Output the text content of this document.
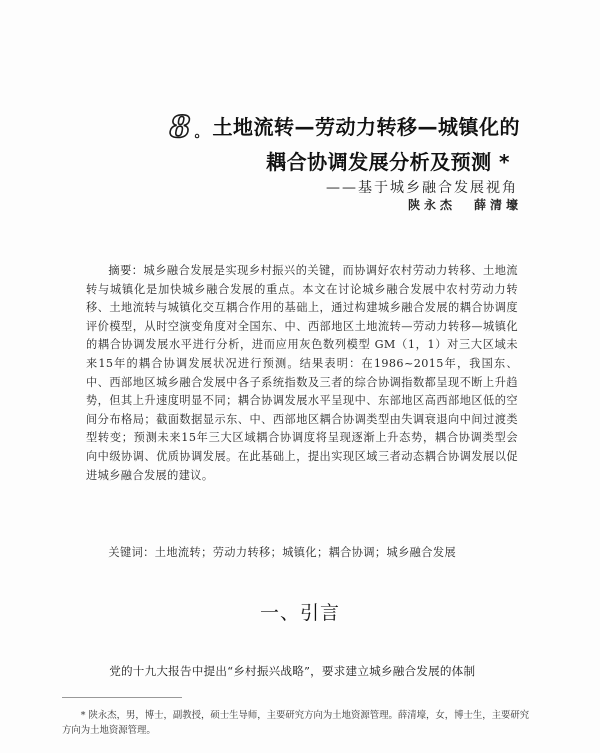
8 。 土地流转—劳动力转移—城镇化的
耦合协调发展分析及预测 *
——基于城乡融合发展视角
陕永杰 薛清壕
摘要：城乡融合发展是实现乡村振兴的关键，而协调好农村劳动力转移、土地流转与城镇化是加快城乡融合发展的重点。本文在讨论城乡融合发展中农村劳动力转移、土地流转与城镇化交互耦合作用的基础上，通过构建城乡融合发展的耦合协调度评价模型，从时空演变角度对全国东、中、西部地区土地流转—劳动力转移—城镇化的耦合协调发展水平进行分析，进而应用灰色数列模型 GM（1，1）对三大区域未来15年的耦合协调发展状况进行预测。结果表明：在1986~2015年，我国东、中、西部地区城乡融合发展中各子系统指数及三者的综合协调指数都呈现不断上升趋势，但其上升速度明显不同；耦合协调发展水平呈现中、东部地区高西部地区低的空间分布格局；截面数据显示东、中、西部地区耦合协调类型由失调衰退向中间过渡类型转变；预测未来15年三大区域耦合协调度将呈现逐渐上升态势，耦合协调类型会向中级协调、优质协调发展。在此基础上，提出实现区域三者动态耦合协调发展以促进城乡融合发展的建议。
关键词：土地流转；劳动力转移；城镇化；耦合协调；城乡融合发展
一、引言
党的十九大报告中提出“乡村振兴战略”，要求建立城乡融合发展的体制
* 陕永杰，男，博士，副教授，硕士生导师，主要研究方向为土地资源管理。薛清壕，女，博士生，主要研究方向为土地资源管理。
